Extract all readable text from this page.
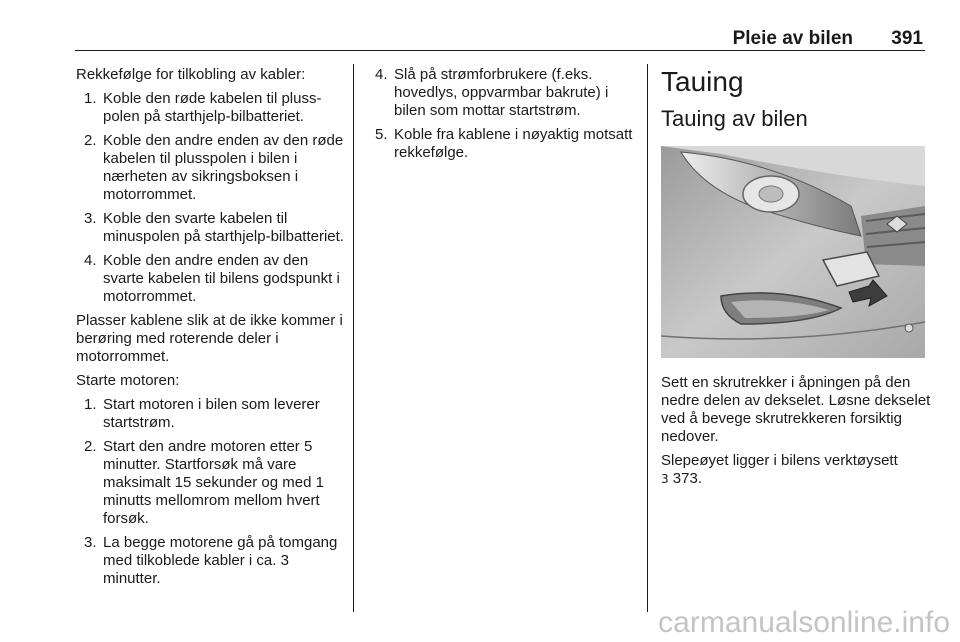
Pleie av bilen 391

Rekkefølge for tilkobling av kabler:

1. Koble den røde kabelen til plusspolen på starthjelp-bilbatteriet.
2. Koble den andre enden av den røde kabelen til plusspolen i bilen i nærheten av sikringsboksen i motorrommet.
3. Koble den svarte kabelen til minuspolen på starthjelp-bilbatteriet.
4. Koble den andre enden av den svarte kabelen til bilens godspunkt i motorrommet.

Plasser kablene slik at de ikke kommer i berøring med roterende deler i motorrommet.

Starte motoren:

1. Start motoren i bilen som leverer startstrøm.
2. Start den andre motoren etter 5 minutter. Startforsøk må vare maksimalt 15 sekunder og med 1 minutts mellomrom mellom hvert forsøk.
3. La begge motorene gå på tomgang med tilkoblede kabler i ca. 3 minutter.
4. Slå på strømforbrukere (f.eks. hovedlys, oppvarmbar bakrute) i bilen som mottar startstrøm.
5. Koble fra kablene i nøyaktig motsatt rekkefølge.
Tauing
Tauing av bilen

Sett en skrutrekker i åpningen på den nedre delen av dekselet. Løsne dekselet ved å bevege skrutrekkeren forsiktig nedover.

Slepeøyet ligger i bilens verktøysett
3 373.

carmanualsonline.info
